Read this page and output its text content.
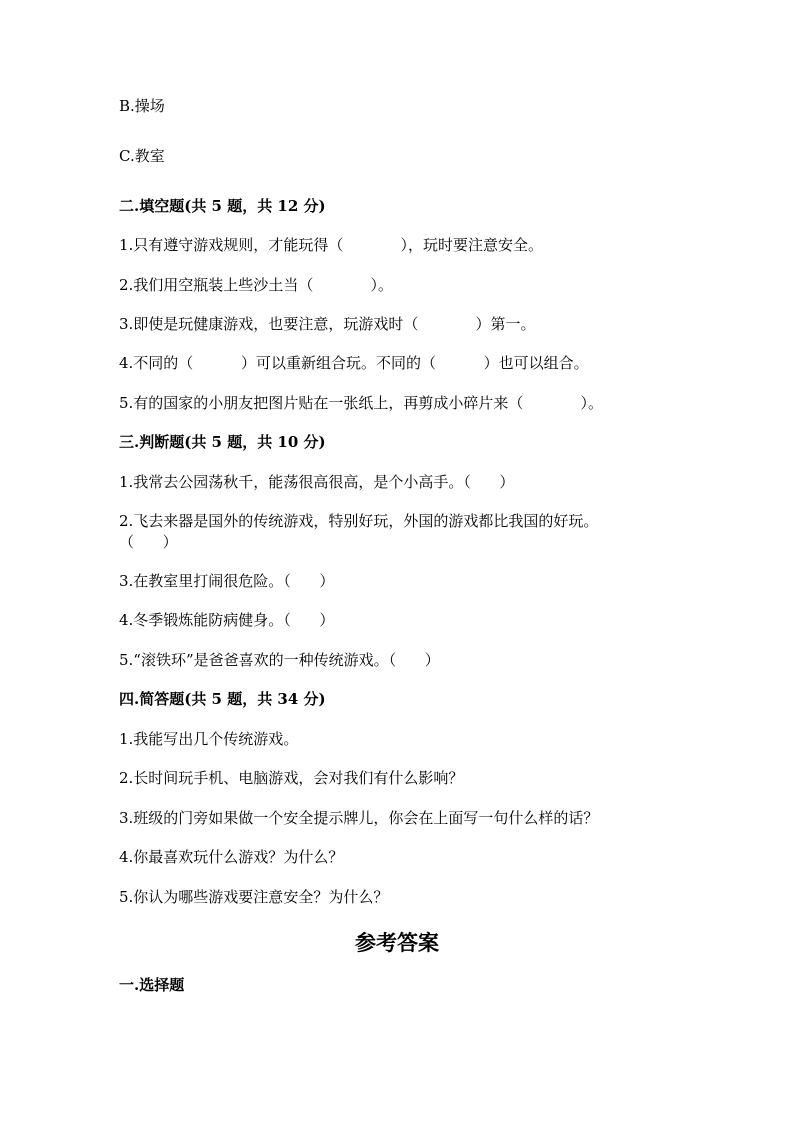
B.操场
C.教室
二.填空题(共 5 题，共 12 分)
1.只有遵守游戏规则，才能玩得（            ），玩时要注意安全。
2.我们用空瓶装上些沙土当（            ）。
3.即使是玩健康游戏，也要注意，玩游戏时（            ）第一。
4.不同的（          ）可以重新组合玩。不同的（          ）也可以组合。
5.有的国家的小朋友把图片贴在一张纸上，再剪成小碎片来（            ）。
三.判断题(共 5 题，共 10 分)
1.我常去公园荡秋千，能荡很高很高，是个小高手。（      ）
2.飞去来器是国外的传统游戏，特别好玩，外国的游戏都比我国的好玩。
（      ）
3.在教室里打闹很危险。（      ）
4.冬季锻炼能防病健身。（      ）
5.“滚铁环”是爸爸喜欢的一种传统游戏。（      ）
四.简答题(共 5 题，共 34 分)
1.我能写出几个传统游戏。
2.长时间玩手机、电脑游戏，会对我们有什么影响？
3.班级的门旁如果做一个安全提示牌儿，你会在上面写一句什么样的话？
4.你最喜欢玩什么游戏？为什么？
5.你认为哪些游戏要注意安全？为什么？
参考答案
一.选择题
